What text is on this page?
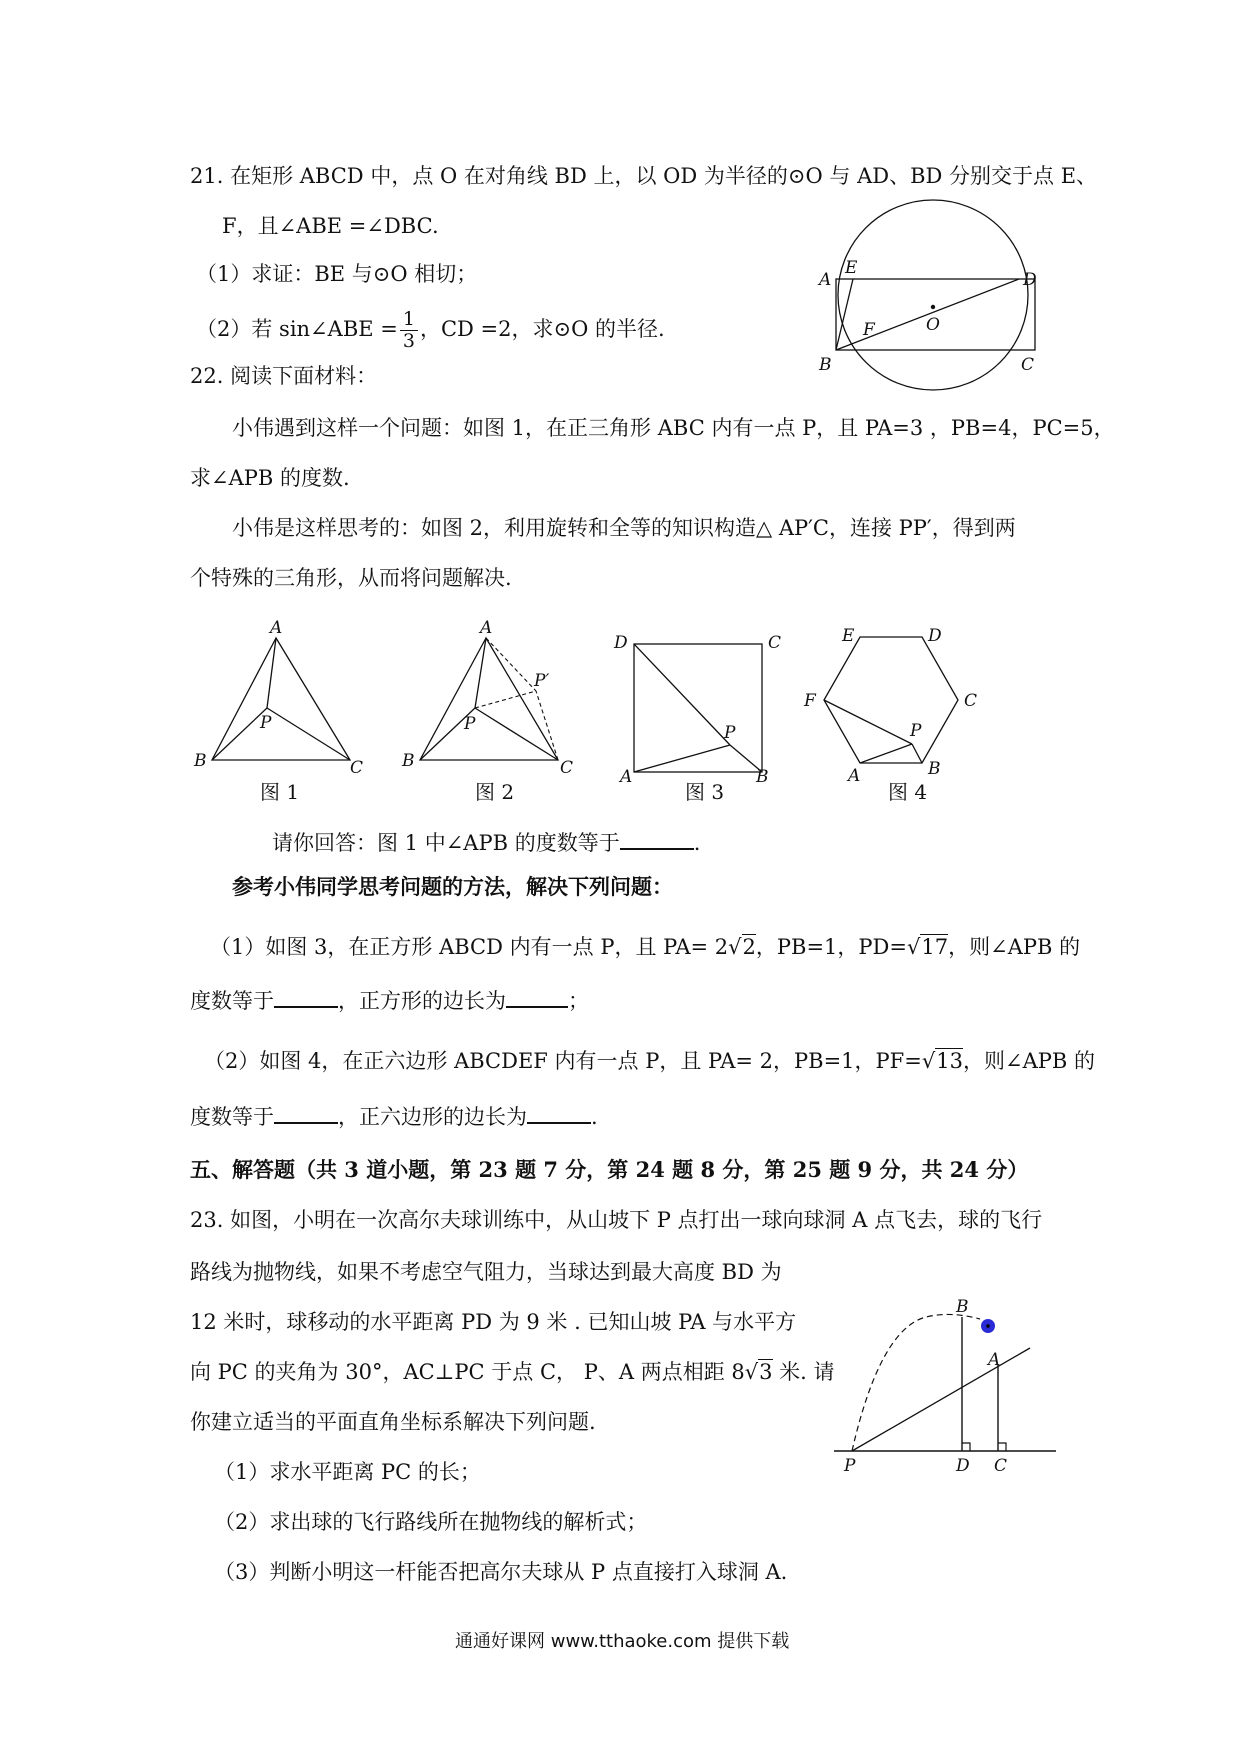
21. 在矩形 ABCD 中，点 O 在对角线 BD 上，以 OD 为半径的⊙O 与 AD、BD 分别交于点 E、
F，且∠ABE =∠DBC.
（1）求证：BE 与⊙O 相切；
（2）若 sin∠ABE = $\frac{1}{3}$ ，CD =2，求⊙O 的半径.
A
E
D
B
F	O
C
22. 阅读下面材料：
小伟遇到这样一个问题：如图 1，在正三角形 ABC 内有一点 P，且 PA=3 ，PB=4，PC=5，
求∠APB 的度数.
小伟是这样思考的：如图 2，利用旋转和全等的知识构造△ AP′C，连接 PP′，得到两
个特殊的三角形，从而将问题解决.
A
P
B	C
图 1
A
P′
P
B	C
图 2
D	C
P
A	B
图 3
E	D
C
F
P
A	B
图 4
请你回答：图 1 中∠APB 的度数等于	.
参考小伟同学思考问题的方法，解决下列问题：
（1）如图 3，在正方形 ABCD 内有一点 P，且 PA= 2√2，PB=1，PD=√17，则∠APB 的
度数等于	，正方形的边长为	；
（2）如图 4，在正六边形 ABCDEF 内有一点 P，且 PA= 2，PB=1，PF=√13，则∠APB 的
度数等于	，正六边形的边长为	.
五、解答题（共 3 道小题，第 23 题 7 分，第 24 题 8 分，第 25 题 9 分，共 24 分）
23. 如图，小明在一次高尔夫球训练中，从山坡下 P 点打出一球向球洞 A 点飞去，球的飞行
路线为抛物线，如果不考虑空气阻力，当球达到最大高度 BD 为
12 米时，球移动的水平距离 PD 为 9 米 . 已知山坡 PA 与水平方
向 PC 的夹角为 30°，AC⊥PC 于点 C， P、A 两点相距 8√3 米. 请
你建立适当的平面直角坐标系解决下列问题.
（1）求水平距离 PC 的长；
（2）求出球的飞行路线所在抛物线的解析式；
（3）判断小明这一杆能否把高尔夫球从 P 点直接打入球洞 A.
B
A
P	D C
通通好课网 www.tthaoke.com 提供下载
